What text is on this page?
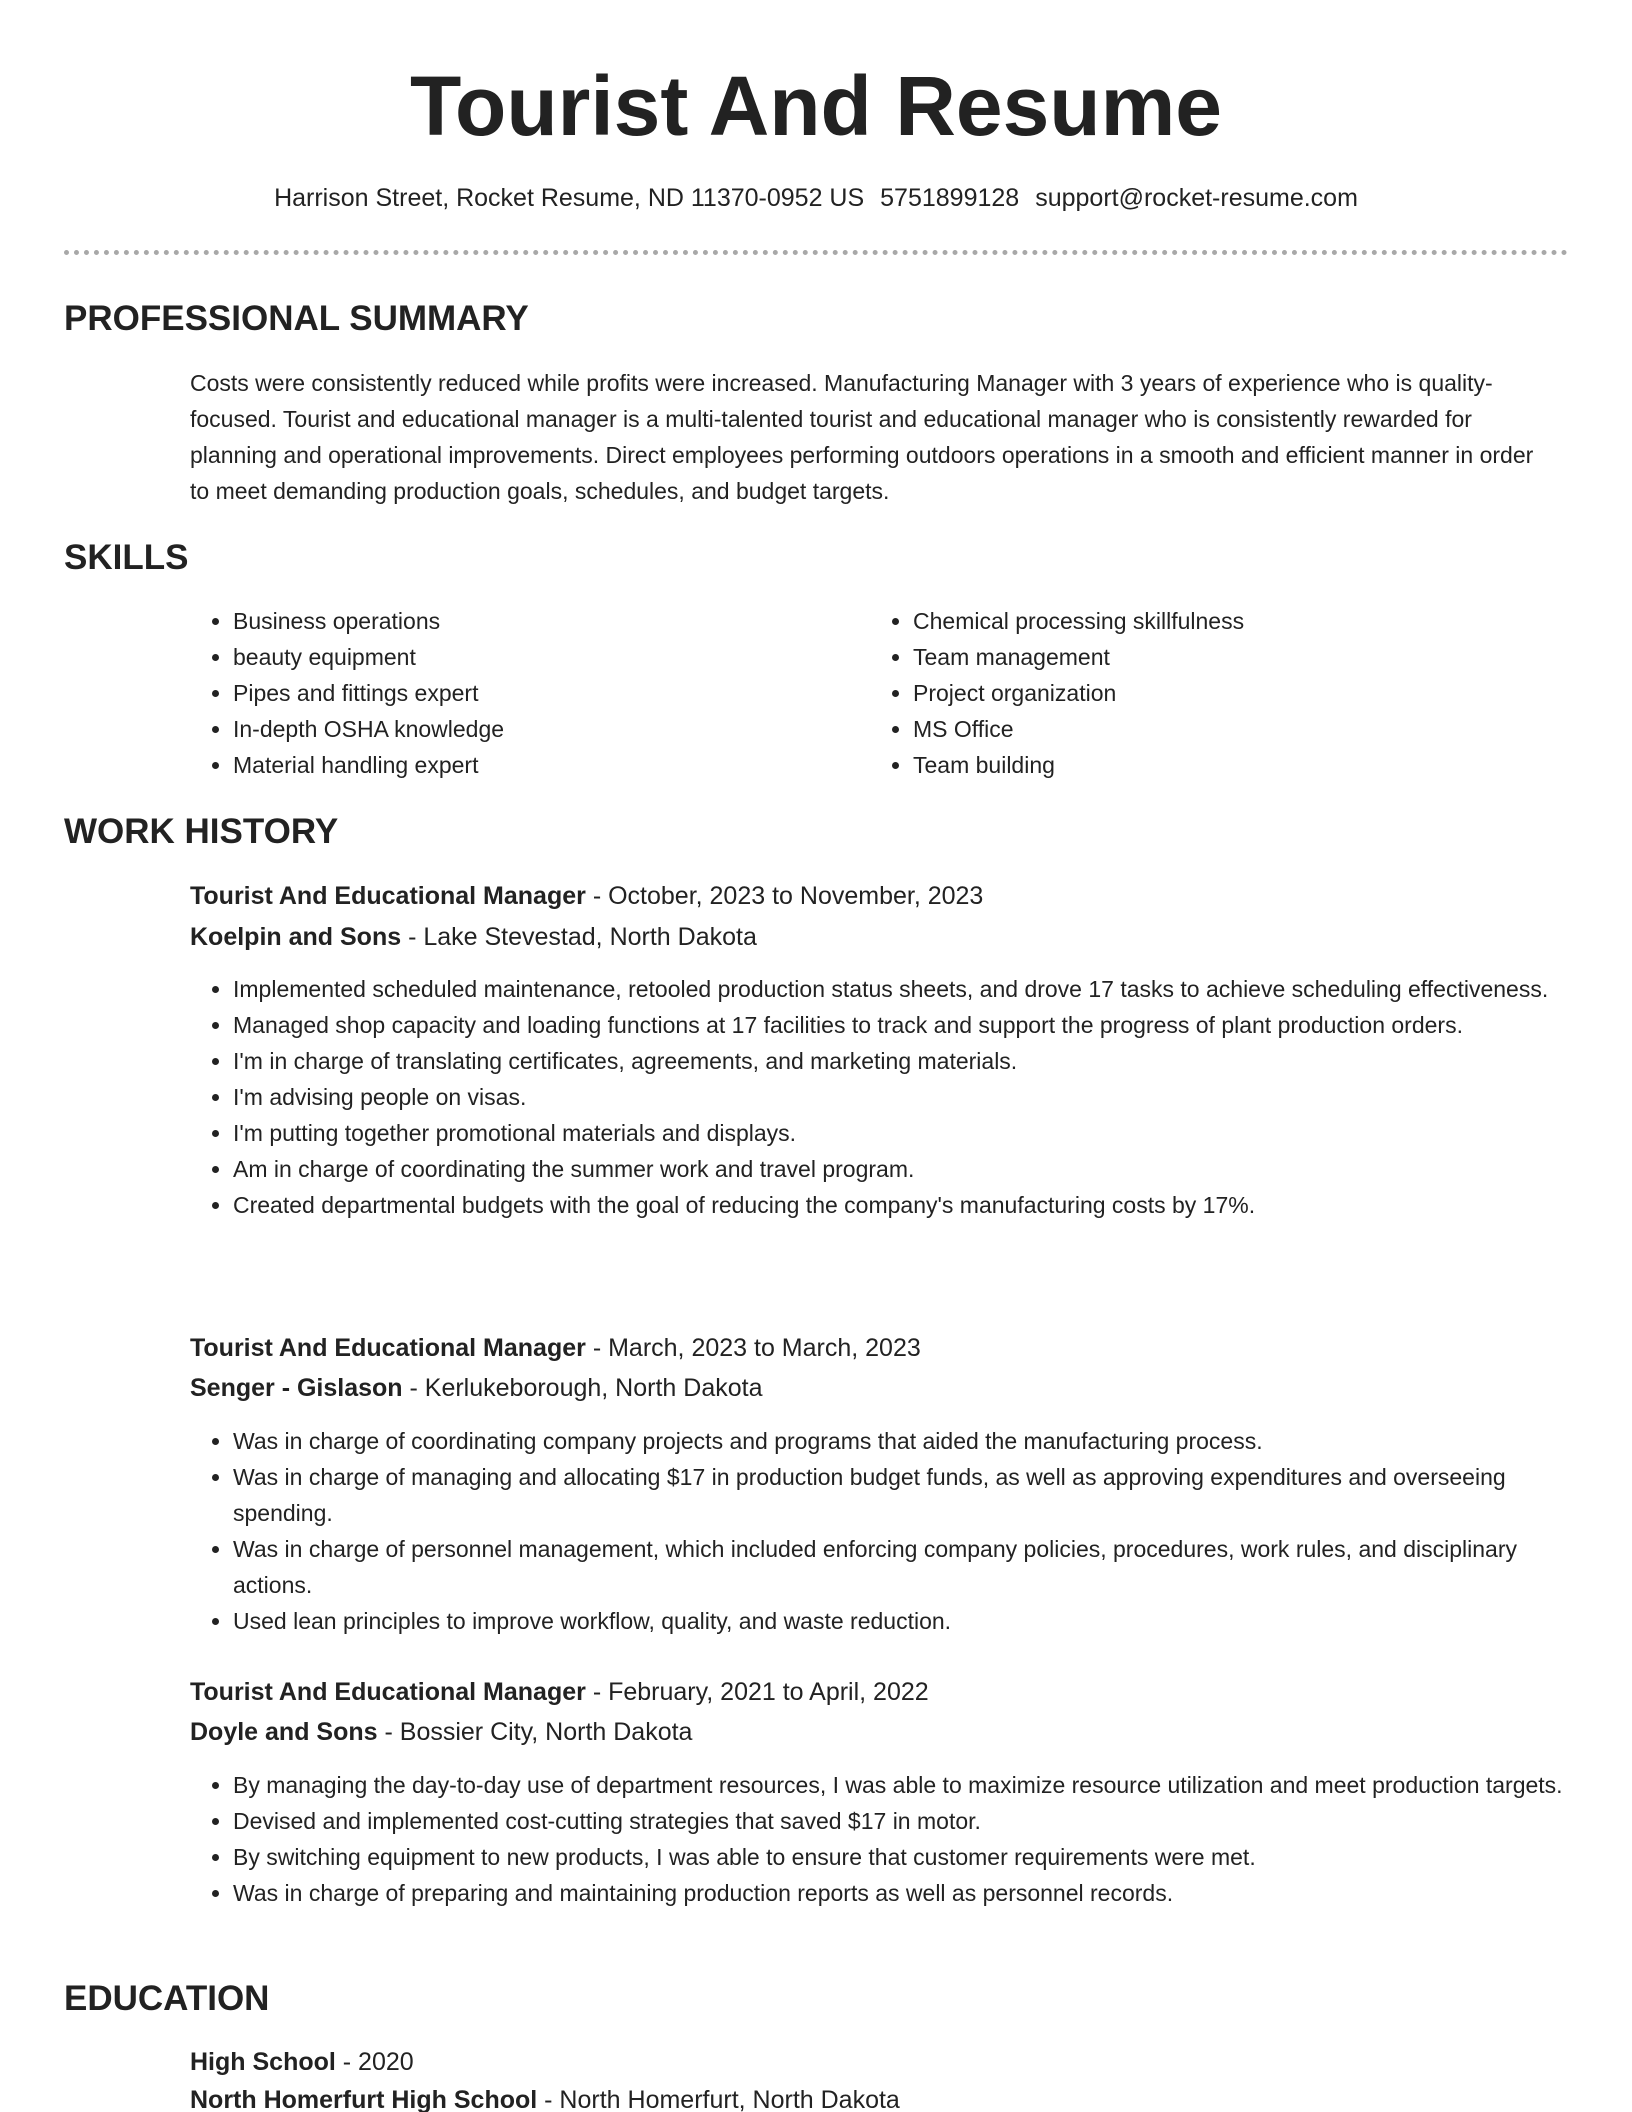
Tourist And Resume
Harrison Street, Rocket Resume, ND 11370-0952 US 5751899128 support@rocket-resume.com
PROFESSIONAL SUMMARY

Costs were consistently reduced while profits were increased. Manufacturing Manager with 3 years of experience who is quality-focused. Tourist and educational manager is a multi-talented tourist and educational manager who is consistently rewarded for planning and operational improvements. Direct employees performing outdoors operations in a smooth and efficient manner in order to meet demanding production goals, schedules, and budget targets.

SKILLS
• Business operations
• beauty equipment
• Pipes and fittings expert
• In-depth OSHA knowledge
• Material handling expert
• Chemical processing skillfulness
• Team management
• Project organization
• MS Office
• Team building
WORK HISTORY
Tourist And Educational Manager - October, 2023 to November, 2023
Koelpin and Sons - Lake Stevestad, North Dakota
• Implemented scheduled maintenance, retooled production status sheets, and drove 17 tasks to achieve scheduling effectiveness.
• Managed shop capacity and loading functions at 17 facilities to track and support the progress of plant production orders.
• I'm in charge of translating certificates, agreements, and marketing materials.
• I'm advising people on visas.
• I'm putting together promotional materials and displays.
• Am in charge of coordinating the summer work and travel program.
• Created departmental budgets with the goal of reducing the company's manufacturing costs by 17%.
Tourist And Educational Manager - March, 2023 to March, 2023
Senger - Gislason - Kerlukeborough, North Dakota
• Was in charge of coordinating company projects and programs that aided the manufacturing process.
• Was in charge of managing and allocating $17 in production budget funds, as well as approving expenditures and overseeing spending.
• Was in charge of personnel management, which included enforcing company policies, procedures, work rules, and disciplinary actions.
• Used lean principles to improve workflow, quality, and waste reduction.
Tourist And Educational Manager - February, 2021 to April, 2022
Doyle and Sons - Bossier City, North Dakota
• By managing the day-to-day use of department resources, I was able to maximize resource utilization and meet production targets.
• Devised and implemented cost-cutting strategies that saved $17 in motor.
• By switching equipment to new products, I was able to ensure that customer requirements were met.
• Was in charge of preparing and maintaining production reports as well as personnel records.
EDUCATION
High School - 2020
North Homerfurt High School - North Homerfurt, North Dakota
